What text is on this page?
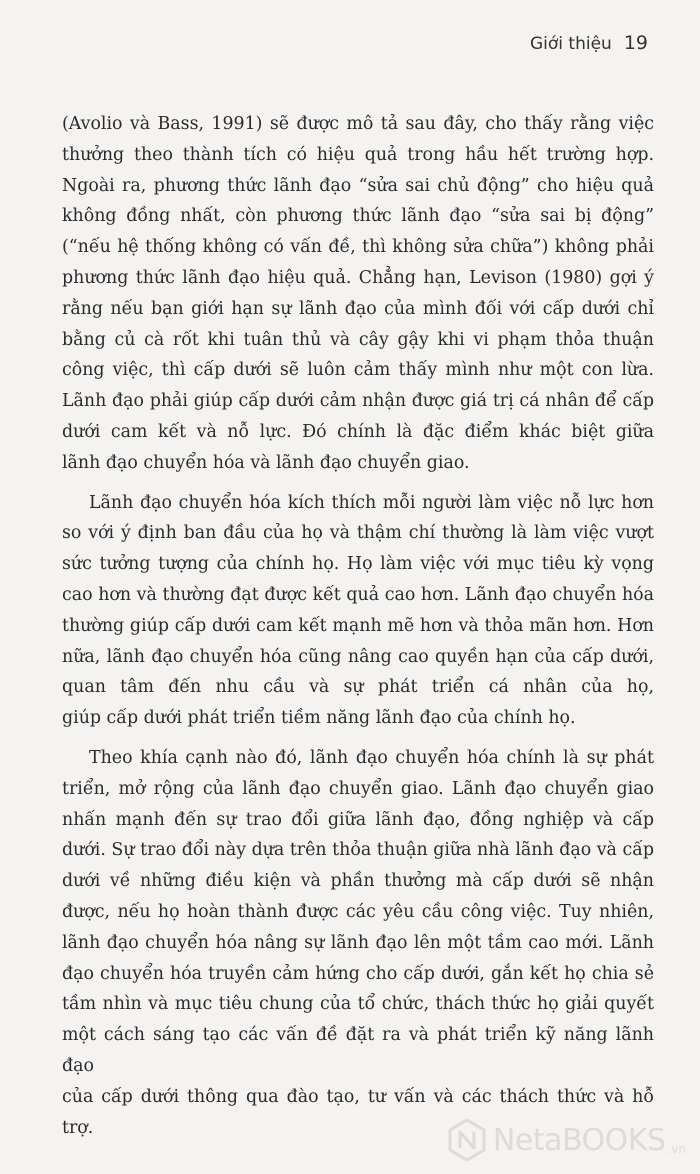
Giới thiệu 19

(Avolio và Bass, 1991) sẽ được mô tả sau đây, cho thấy rằng việc thưởng theo thành tích có hiệu quả trong hầu hết trường hợp. Ngoài ra, phương thức lãnh đạo “sửa sai chủ động” cho hiệu quả không đồng nhất, còn phương thức lãnh đạo “sửa sai bị động” (“nếu hệ thống không có vấn đề, thì không sửa chữa”) không phải phương thức lãnh đạo hiệu quả. Chẳng hạn, Levison (1980) gợi ý rằng nếu bạn giới hạn sự lãnh đạo của mình đối với cấp dưới chỉ bằng củ cà rốt khi tuân thủ và cây gậy khi vi phạm thỏa thuận công việc, thì cấp dưới sẽ luôn cảm thấy mình như một con lừa. Lãnh đạo phải giúp cấp dưới cảm nhận được giá trị cá nhân để cấp dưới cam kết và nỗ lực. Đó chính là đặc điểm khác biệt giữa

lãnh đạo chuyển hóa và lãnh đạo chuyển giao.

Lãnh đạo chuyển hóa kích thích mỗi người làm việc nỗ lực hơn so với ý định ban đầu của họ và thậm chí thường là làm việc vượt sức tưởng tượng của chính họ. Họ làm việc với mục tiêu kỳ vọng cao hơn và thường đạt được kết quả cao hơn. Lãnh đạo chuyển hóa thường giúp cấp dưới cam kết mạnh mẽ hơn và thỏa mãn hơn. Hơn nữa, lãnh đạo chuyển hóa cũng nâng cao quyền hạn của cấp dưới, quan tâm đến nhu cầu và sự phát triển cá nhân của họ,

giúp cấp dưới phát triển tiềm năng lãnh đạo của chính họ.

Theo khía cạnh nào đó, lãnh đạo chuyển hóa chính là sự phát triển, mở rộng của lãnh đạo chuyển giao. Lãnh đạo chuyển giao nhấn mạnh đến sự trao đổi giữa lãnh đạo, đồng nghiệp và cấp dưới. Sự trao đổi này dựa trên thỏa thuận giữa nhà lãnh đạo và cấp dưới về những điều kiện và phần thưởng mà cấp dưới sẽ nhận được, nếu họ hoàn thành được các yêu cầu công việc. Tuy nhiên, lãnh đạo chuyển hóa nâng sự lãnh đạo lên một tầm cao mới. Lãnh đạo chuyển hóa truyền cảm hứng cho cấp dưới, gắn kết họ chia sẻ tầm nhìn và mục tiêu chung của tổ chức, thách thức họ giải quyết một cách sáng tạo các vấn đề đặt ra và phát triển kỹ năng lãnh đạo

của cấp dưới thông qua đào tạo, tư vấn và các thách thức và hỗ trợ.	NetaBOOKS .vn
